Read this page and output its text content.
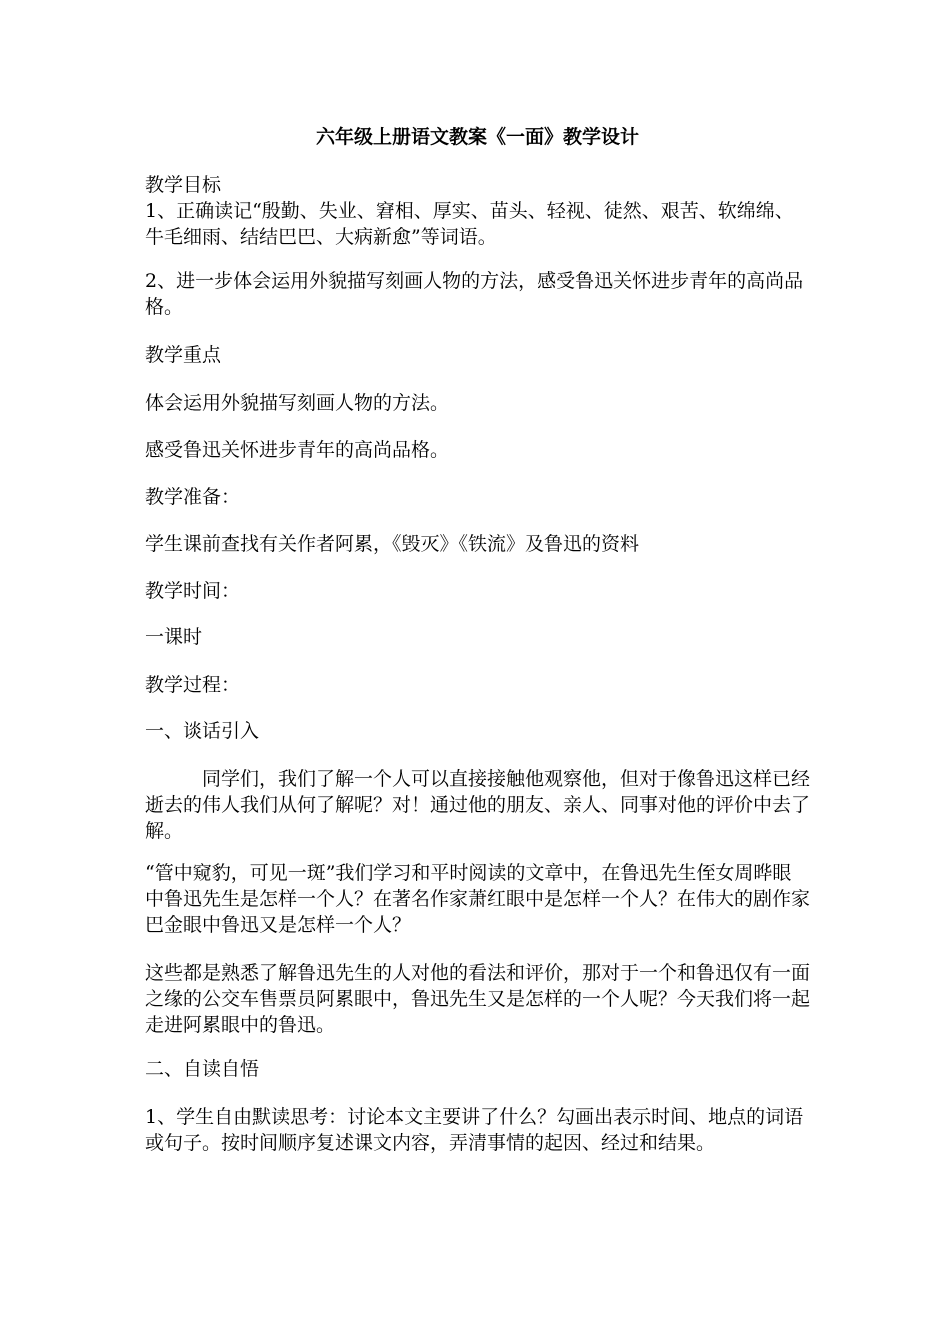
六年级上册语文教案《一面》教学设计

教学目标

1、正确读记“殷勤、失业、窘相、厚实、苗头、轻视、徒然、艰苦、软绵绵、牛毛细雨、结结巴巴、大病新愈”等词语。

2、进一步体会运用外貌描写刻画人物的方法，感受鲁迅关怀进步青年的高尚品格。

教学重点

体会运用外貌描写刻画人物的方法。

感受鲁迅关怀进步青年的高尚品格。

教学准备：

学生课前查找有关作者阿累，《毁灭》《铁流》及鲁迅的资料

教学时间：

一课时

教学过程：

一、谈话引入

同学们，我们了解一个人可以直接接触他观察他，但对于像鲁迅这样已经逝去的伟人我们从何了解呢？对！通过他的朋友、亲人、同事对他的评价中去了解。

“管中窥豹，可见一斑”我们学习和平时阅读的文章中，在鲁迅先生侄女周晔眼中鲁迅先生是怎样一个人？在著名作家萧红眼中是怎样一个人？在伟大的剧作家巴金眼中鲁迅又是怎样一个人？

这些都是熟悉了解鲁迅先生的人对他的看法和评价，那对于一个和鲁迅仅有一面之缘的公交车售票员阿累眼中，鲁迅先生又是怎样的一个人呢？今天我们将一起走进阿累眼中的鲁迅。

二、自读自悟

1、学生自由默读思考：讨论本文主要讲了什么？勾画出表示时间、地点的词语或句子。按时间顺序复述课文内容，弄清事情的起因、经过和结果。
